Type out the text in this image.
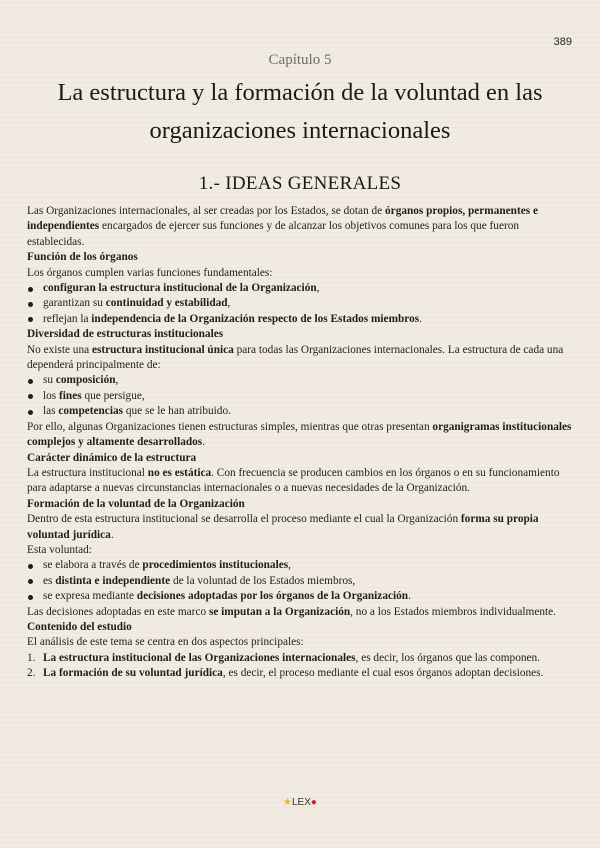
389
Capítulo 5
La estructura y la formación de la voluntad en las organizaciones internacionales
1.- IDEAS GENERALES

Las Organizaciones internacionales, al ser creadas por los Estados, se dotan de órganos propios, permanentes e independientes encargados de ejercer sus funciones y de alcanzar los objetivos comunes para los que fueron establecidas.

Función de los órganos

Los órganos cumplen varias funciones fundamentales:

configuran la estructura institucional de la Organización,
garantizan su continuidad y estabilidad,
reflejan la independencia de la Organización respecto de los Estados miembros.

Diversidad de estructuras institucionales

No existe una estructura institucional única para todas las Organizaciones internacionales. La estructura de cada una dependerá principalmente de:

su composición,
los fines que persigue,
las competencias que se le han atribuido.

Por ello, algunas Organizaciones tienen estructuras simples, mientras que otras presentan organigramas institucionales complejos y altamente desarrollados.

Carácter dinámico de la estructura

La estructura institucional no es estática. Con frecuencia se producen cambios en los órganos o en su funcionamiento para adaptarse a nuevas circunstancias internacionales o a nuevas necesidades de la Organización.

Formación de la voluntad de la Organización

Dentro de esta estructura institucional se desarrolla el proceso mediante el cual la Organización forma su propia voluntad jurídica.

Esta voluntad:

se elabora a través de procedimientos institucionales,
es distinta e independiente de la voluntad de los Estados miembros,
se expresa mediante decisiones adoptadas por los órganos de la Organización.

Las decisiones adoptadas en este marco se imputan a la Organización, no a los Estados miembros individualmente.

Contenido del estudio

El análisis de este tema se centra en dos aspectos principales:

1. La estructura institucional de las Organizaciones internacionales, es decir, los órganos que las componen.
2. La formación de su voluntad jurídica, es decir, el proceso mediante el cual esos órganos adoptan decisiones.
★LEX●
